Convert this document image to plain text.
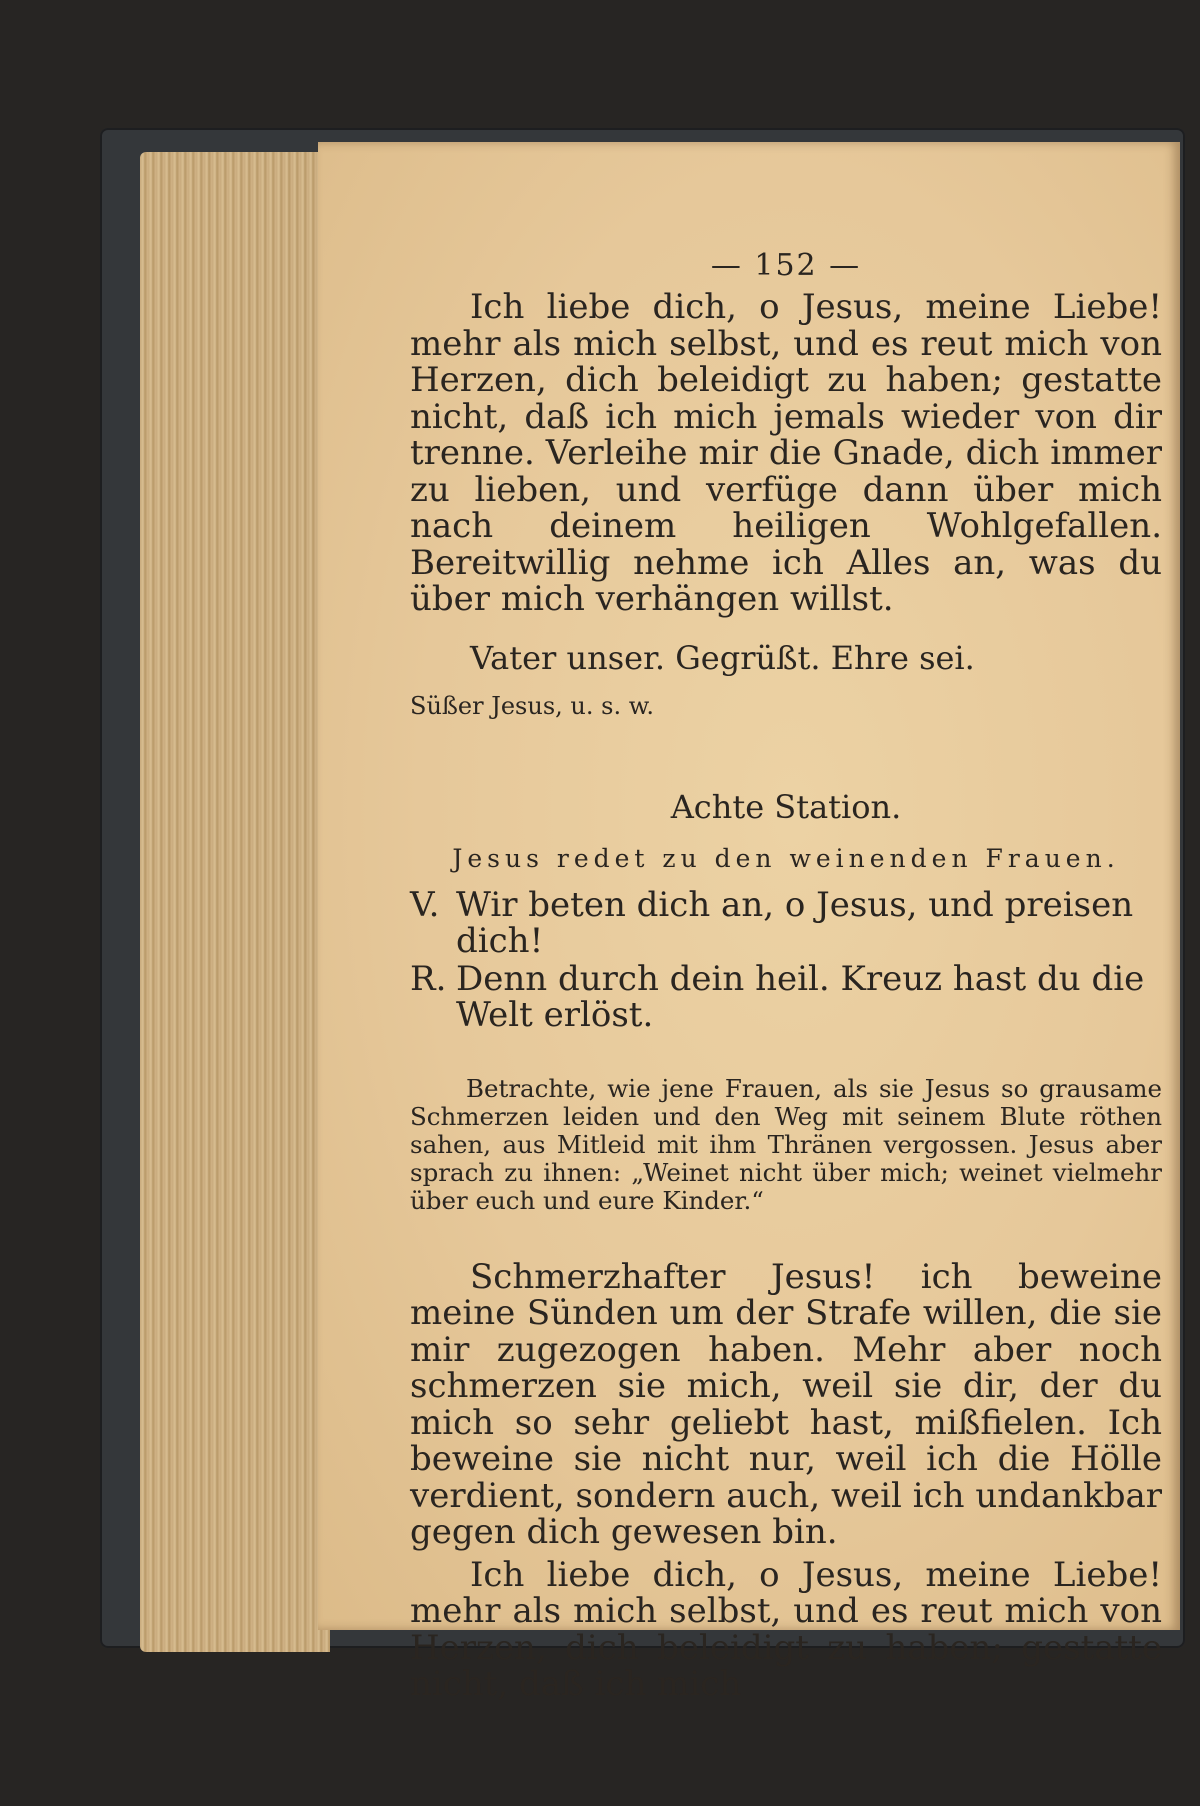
— 152 —

Ich liebe dich, o Jesus, meine Liebe! mehr als mich selbst, und es reut mich von Herzen, dich beleidigt zu haben; gestatte nicht, daß ich mich jemals wieder von dir trenne. Verleihe mir die Gnade, dich immer zu lieben, und verfüge dann über mich nach deinem heiligen Wohlgefallen. Bereitwillig nehme ich Alles an, was du über mich verhängen willst.

Vater unser. Gegrüßt. Ehre sei.

Süßer Jesus, u. s. w.

Achte Station.

Jesus redet zu den weinenden Frauen.

V. Wir beten dich an, o Jesus, und preisen dich!
R. Denn durch dein heil. Kreuz hast du die Welt erlöst.

Betrachte, wie jene Frauen, als sie Jesus so grausame Schmerzen leiden und den Weg mit seinem Blute röthen sahen, aus Mitleid mit ihm Thränen vergossen. Jesus aber sprach zu ihnen: „Weinet nicht über mich; weinet vielmehr über euch und eure Kinder.“

Schmerzhafter Jesus! ich beweine meine Sünden um der Strafe willen, die sie mir zugezogen haben. Mehr aber noch schmerzen sie mich, weil sie dir, der du mich so sehr geliebt hast, mißfielen. Ich beweine sie nicht nur, weil ich die Hölle verdient, sondern auch, weil ich undankbar gegen dich gewesen bin.

Ich liebe dich, o Jesus, meine Liebe! mehr als mich selbst, und es reut mich von Herzen, dich beleidigt zu haben; gestatte nicht, daß ich mich
